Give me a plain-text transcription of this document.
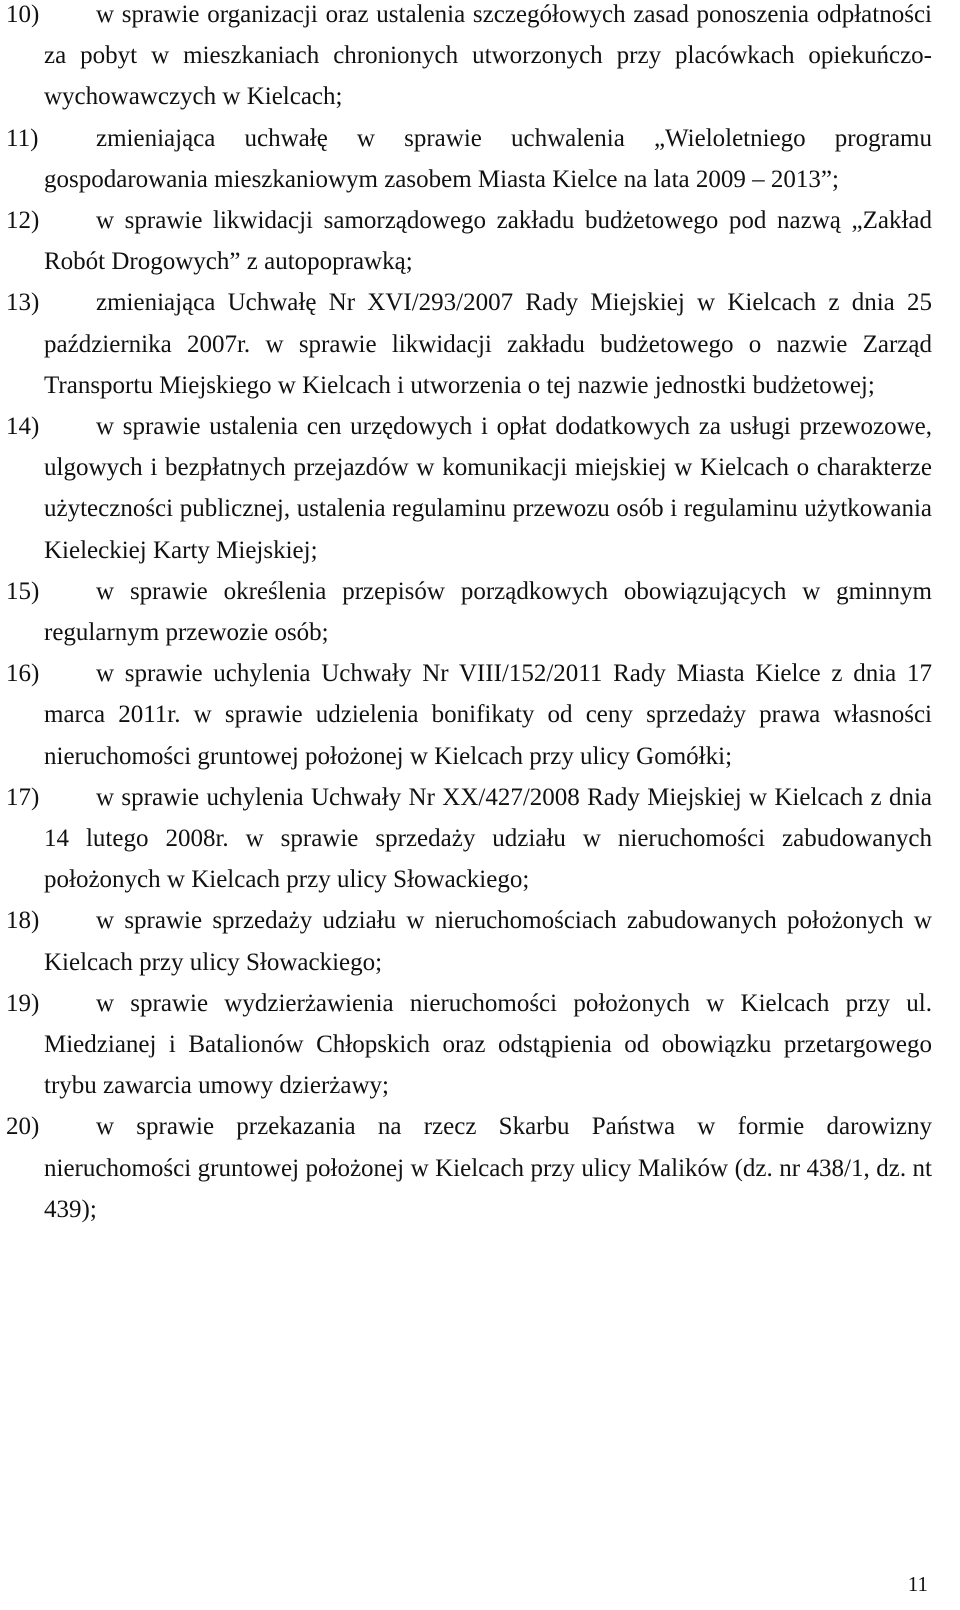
10)	w sprawie organizacji oraz ustalenia szczegółowych zasad ponoszenia odpłatności za pobyt w mieszkaniach chronionych utworzonych przy placówkach opiekuńczo-wychowawczych w Kielcach;
11)	zmieniająca uchwałę w sprawie uchwalenia „Wieloletniego programu gospodarowania mieszkaniowym zasobem Miasta Kielce na lata 2009 – 2013”;
12)	w sprawie likwidacji samorządowego zakładu budżetowego pod nazwą „Zakład Robót Drogowych” z autopoprawką;
13)	zmieniająca Uchwałę Nr XVI/293/2007 Rady Miejskiej w Kielcach z dnia 25 października 2007r. w sprawie likwidacji zakładu budżetowego o nazwie Zarząd Transportu Miejskiego w Kielcach i utworzenia o tej nazwie jednostki budżetowej;
14)	w sprawie ustalenia cen urzędowych i opłat dodatkowych za usługi przewozowe, ulgowych i bezpłatnych przejazdów w komunikacji miejskiej w Kielcach o charakterze użyteczności publicznej, ustalenia regulaminu przewozu osób i regulaminu użytkowania Kieleckiej Karty Miejskiej;
15)	w sprawie określenia przepisów porządkowych obowiązujących w gminnym regularnym przewozie osób;
16)	w sprawie uchylenia Uchwały Nr VIII/152/2011 Rady Miasta Kielce z dnia 17 marca 2011r. w sprawie udzielenia bonifikaty od ceny sprzedaży prawa własności nieruchomości gruntowej położonej w Kielcach przy ulicy Gomółki;
17)	w sprawie uchylenia Uchwały Nr XX/427/2008 Rady Miejskiej w Kielcach z dnia 14 lutego 2008r. w sprawie sprzedaży udziału w nieruchomości zabudowanych położonych w Kielcach przy ulicy Słowackiego;
18)	w sprawie sprzedaży udziału w nieruchomościach zabudowanych położonych w Kielcach przy ulicy Słowackiego;
19)	w sprawie wydzierżawienia nieruchomości położonych w Kielcach przy ul. Miedzianej i Batalionów Chłopskich oraz odstąpienia od obowiązku przetargowego trybu zawarcia umowy dzierżawy;
20)	w sprawie przekazania na rzecz Skarbu Państwa w formie darowizny nieruchomości gruntowej położonej w Kielcach przy ulicy Malików (dz. nr 438/1, dz. nt 439);
11
